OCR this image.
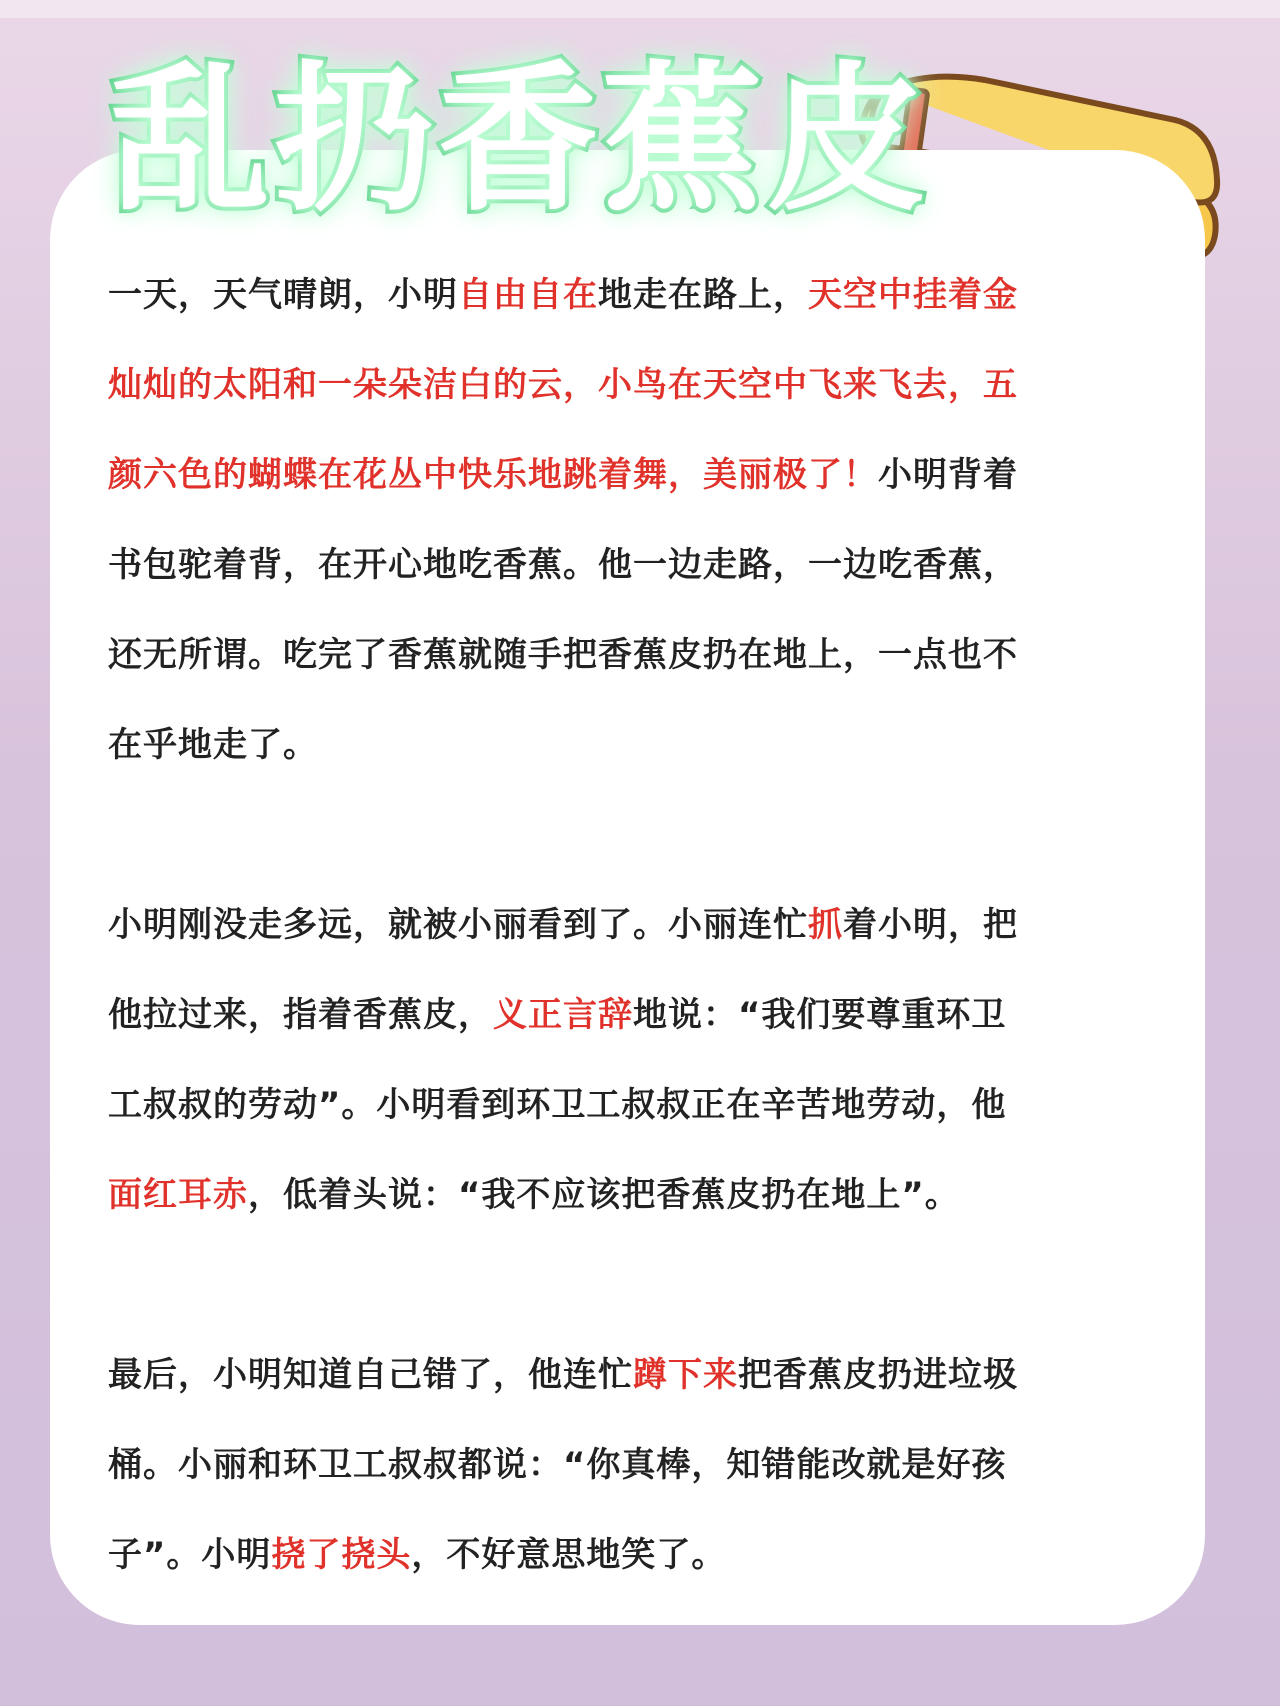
乱扔香蕉皮
一天，天气晴朗，小明自由自在地走在路上，天空中挂着金
灿灿的太阳和一朵朵洁白的云，小鸟在天空中飞来飞去，五
颜六色的蝴蝶在花丛中快乐地跳着舞，美丽极了！小明背着
书包驼着背，在开心地吃香蕉。他一边走路，一边吃香蕉，
还无所谓。吃完了香蕉就随手把香蕉皮扔在地上，一点也不
在乎地走了。
小明刚没走多远，就被小丽看到了。小丽连忙抓着小明，把
他拉过来，指着香蕉皮，义正言辞地说：“我们要尊重环卫
工叔叔的劳动”。小明看到环卫工叔叔正在辛苦地劳动，他
面红耳赤，低着头说：“我不应该把香蕉皮扔在地上”。
最后，小明知道自己错了，他连忙蹲下来把香蕉皮扔进垃圾
桶。小丽和环卫工叔叔都说：“你真棒，知错能改就是好孩
子”。小明挠了挠头，不好意思地笑了。
